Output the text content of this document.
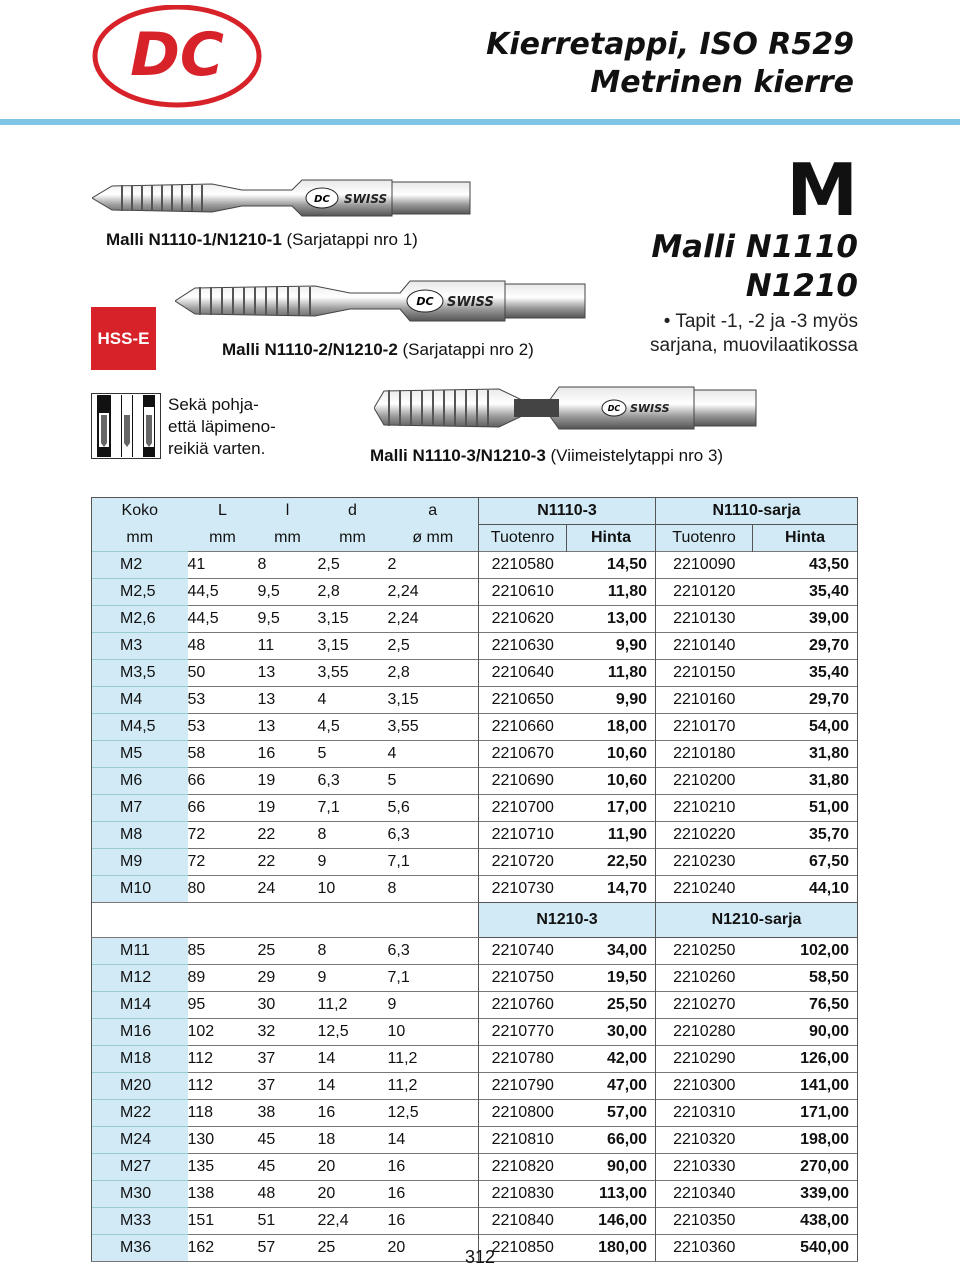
DC	Kierretappi, ISO R529
Metrinen kierre
DC SWISS
Malli N1110-1/N1210-1 (Sarjatappi nro 1)
DC SWISS
Malli N1110-2/N1210-2 (Sarjatappi nro 2)
DC SWISS
Malli N1110-3/N1210-3 (Viimeistelytappi nro 3)
M
Malli N1110
N1210
• Tapit -1, -2 ja -3 myös
sarjana, muovilaatikossa
HSS-E
Sekä pohja-
että läpimeno-
reikiä varten.
Koko	L	l	d	a	N1110-3		N1110-sarja	
mm	mm	mm	mm	ø mm	Tuotenro	Hinta	Tuotenro	Hinta
M2	41	8	2,5	2	2210580	14,50	2210090	43,50
M2,5	44,5	9,5	2,8	2,24	2210610	11,80	2210120	35,40
M2,6	44,5	9,5	3,15	2,24	2210620	13,00	2210130	39,00
M3	48	11	3,15	2,5	2210630	9,90	2210140	29,70
M3,5	50	13	3,55	2,8	2210640	11,80	2210150	35,40
M4	53	13	4	3,15	2210650	9,90	2210160	29,70
M4,5	53	13	4,5	3,55	2210660	18,00	2210170	54,00
M5	58	16	5	4	2210670	10,60	2210180	31,80
M6	66	19	6,3	5	2210690	10,60	2210200	31,80
M7	66	19	7,1	5,6	2210700	17,00	2210210	51,00
M8	72	22	8	6,3	2210710	11,90	2210220	35,70
M9	72	22	9	7,1	2210720	22,50	2210230	67,50
M10	80	24	10	8	2210730	14,70	2210240	44,10
					N1210-3		N1210-sarja	
M11	85	25	8	6,3	2210740	34,00	2210250	102,00
M12	89	29	9	7,1	2210750	19,50	2210260	58,50
M14	95	30	11,2	9	2210760	25,50	2210270	76,50
M16	102	32	12,5	10	2210770	30,00	2210280	90,00
M18	112	37	14	11,2	2210780	42,00	2210290	126,00
M20	112	37	14	11,2	2210790	47,00	2210300	141,00
M22	118	38	16	12,5	2210800	57,00	2210310	171,00
M24	130	45	18	14	2210810	66,00	2210320	198,00
M27	135	45	20	16	2210820	90,00	2210330	270,00
M30	138	48	20	16	2210830	113,00	2210340	339,00
M33	151	51	22,4	16	2210840	146,00	2210350	438,00
M36	162	57	25	20	2210850	180,00	2210360	540,00
312
